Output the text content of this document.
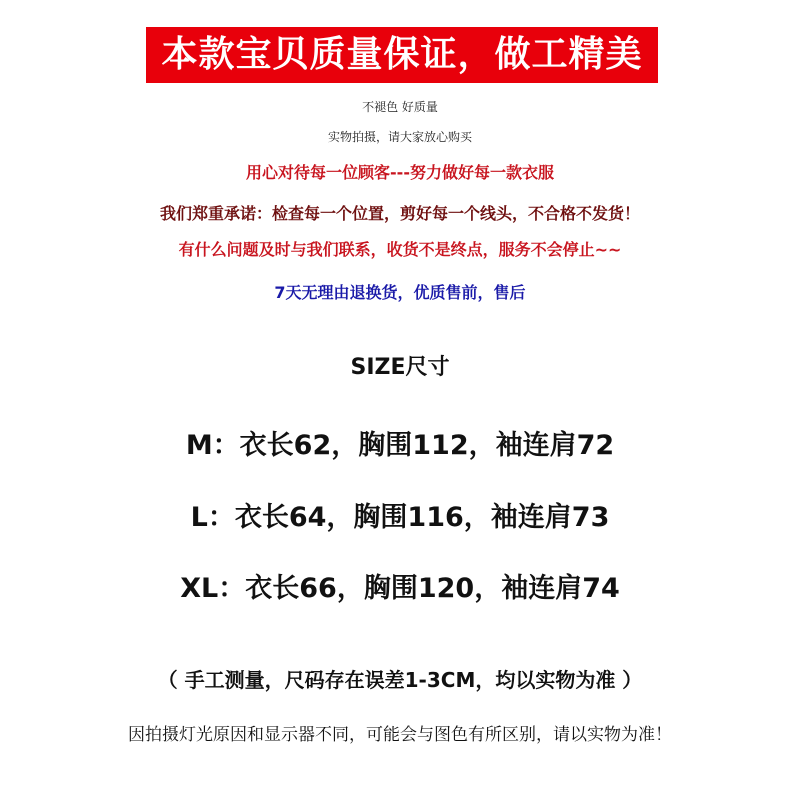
本款宝贝质量保证，做工精美
不褪色 好质量
实物拍摄，请大家放心购买
用心对待每一位顾客---努力做好每一款衣服
我们郑重承诺：检查每一个位置，剪好每一个线头，不合格不发货！
有什么问题及时与我们联系，收货不是终点，服务不会停止~~
7天无理由退换货，优质售前，售后
SIZE尺寸
M：衣长62，胸围112，袖连肩72
L：衣长64，胸围116，袖连肩73
XL：衣长66，胸围120，袖连肩74
（ 手工测量，尺码存在误差1-3CM，均以实物为准 ）
因拍摄灯光原因和显示器不同，可能会与图色有所区别，请以实物为准！
